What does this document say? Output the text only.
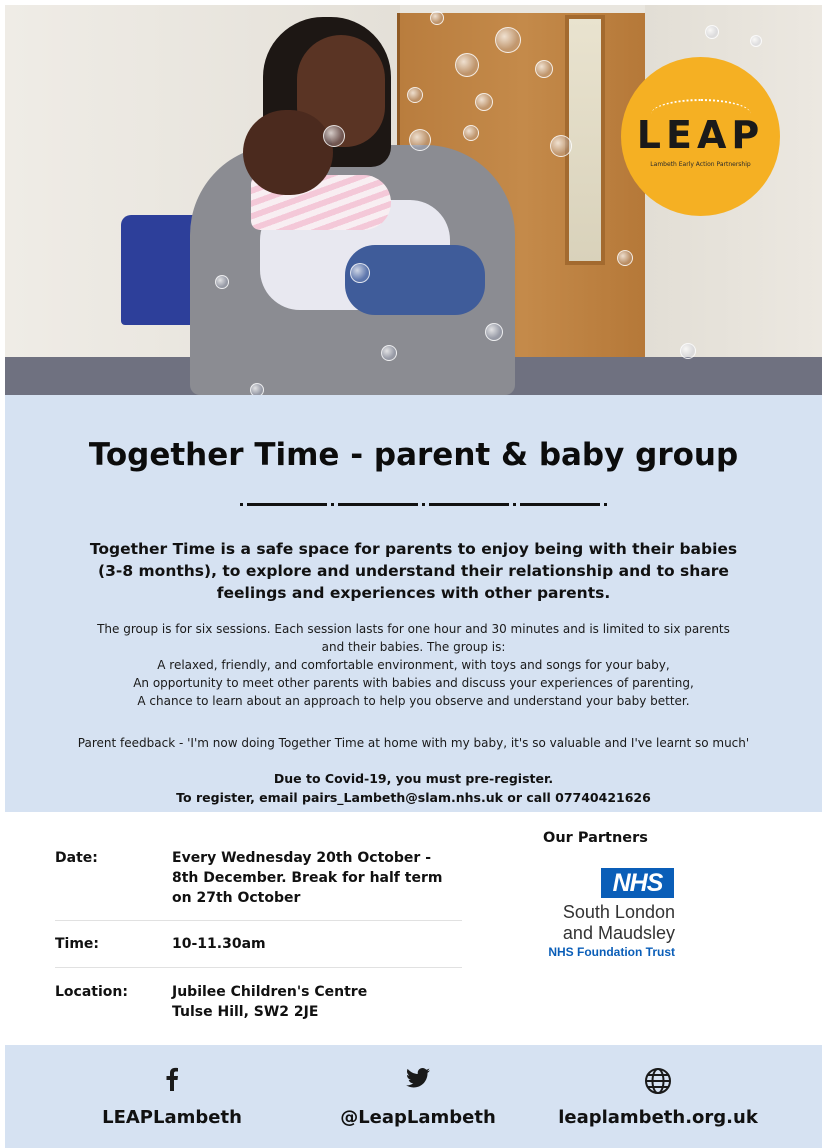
LEAP
Lambeth Early Action Partnership
Together Time - parent & baby group
Together Time is a safe space for parents to enjoy being with their babies (3-8 months), to explore and understand their relationship and to share feelings and experiences with other parents.
The group is for six sessions. Each session lasts for one hour and 30 minutes and is limited to six parents
and their babies. The group is:
A relaxed, friendly, and comfortable environment, with toys and songs for your baby,
An opportunity to meet other parents with babies and discuss your experiences of parenting,
A chance to learn about an approach to help you observe and understand your baby better.
Parent feedback - 'I'm now doing Together Time at home with my baby, it's so valuable and I've learnt so much'
Due to Covid-19, you must pre-register.
To register, email pairs_Lambeth@slam.nhs.uk or call 07740421626
Date:	Every Wednesday 20th October - 8th December. Break for half term on 27th October
Time:	10-11.30am
Location:	Jubilee Children's Centre
Tulse Hill, SW2 2JE
Our Partners
NHS
South London
and Maudsley
NHS Foundation Trust
LEAPLambeth	@LeapLambeth	leaplambeth.org.uk
